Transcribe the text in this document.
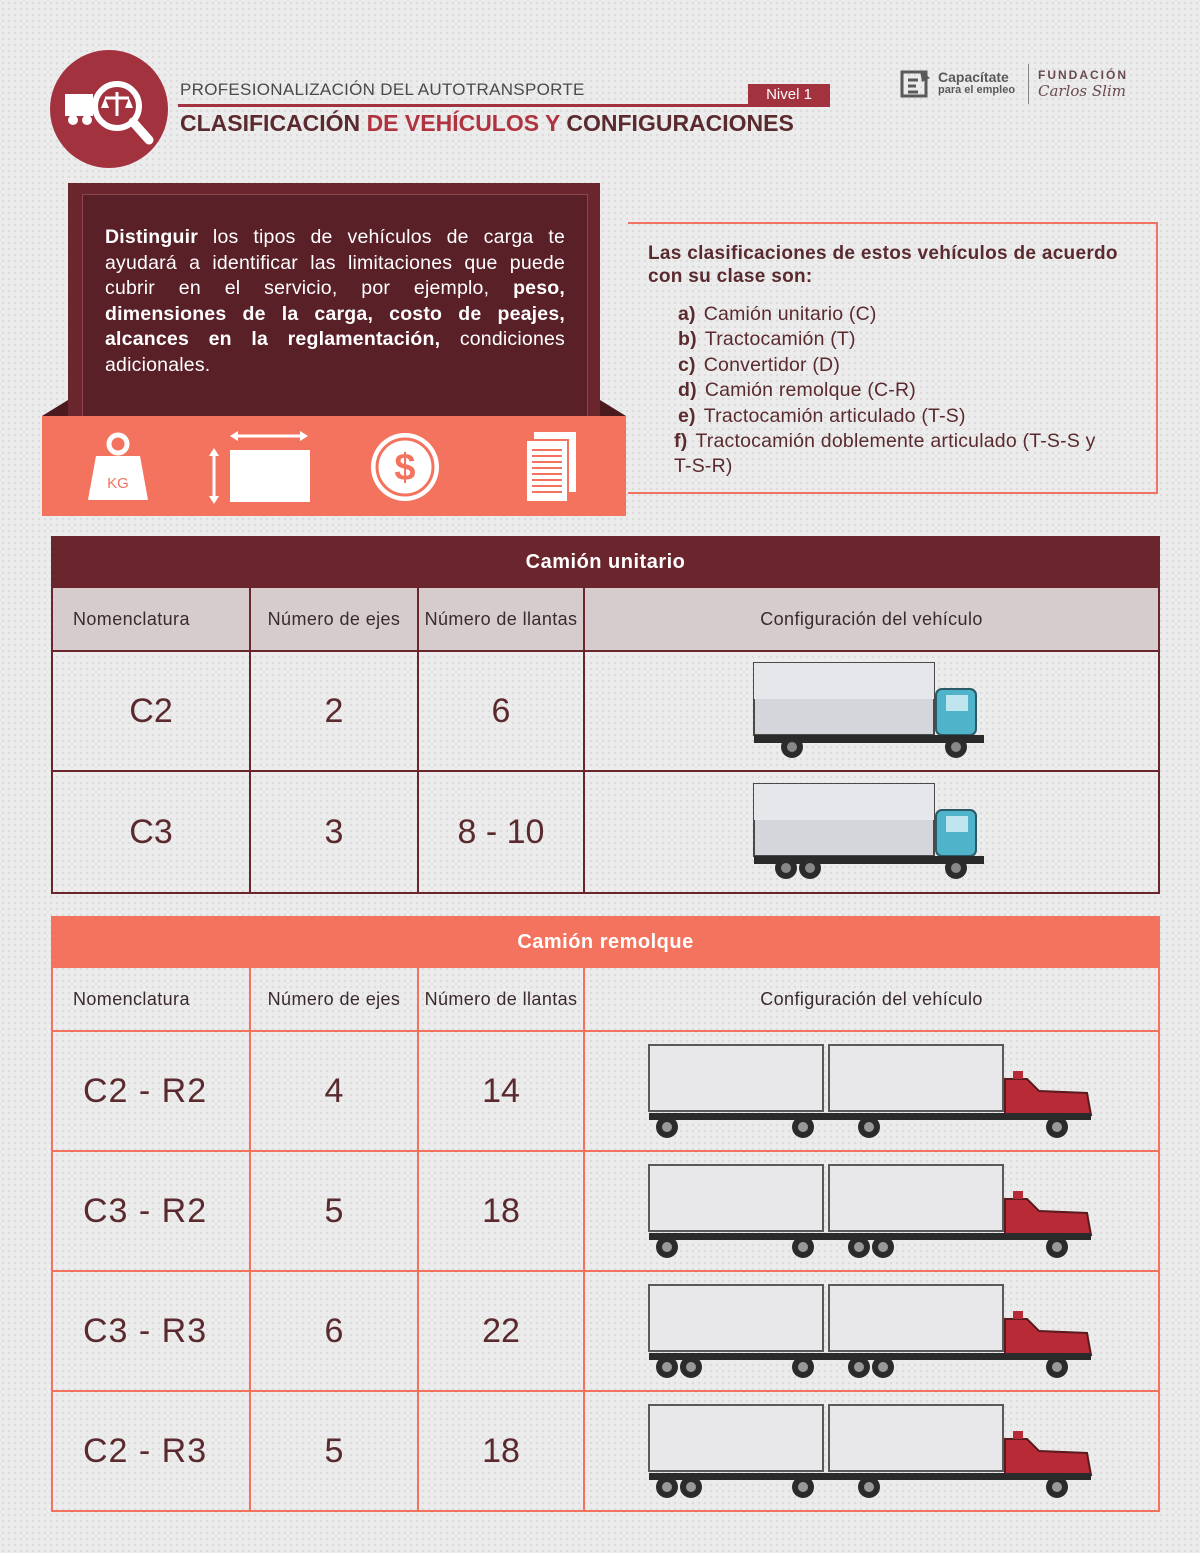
PROFESIONALIZACIÓN DEL AUTOTRANSPORTE	Nivel 1
CLASIFICACIÓN DE VEHÍCULOS Y CONFIGURACIONES
Capacítate
para el empleo
FUNDACIÓN
Carlos Slim
Distinguir los tipos de vehículos de carga te ayudará a identificar las limitaciones que puede cubrir en el servicio, por ejemplo, peso, dimensiones de la carga, costo de peajes, alcances en la reglamentación, condiciones adicionales.
KG	$
Las clasificaciones de estos vehículos de acuerdo con su clase son:
a) Camión unitario (C)
b) Tractocamión (T)
c) Convertidor (D)
d) Camión remolque (C-R)
e) Tractocamión articulado (T-S)
f) Tractocamión doblemente articulado (T-S-S y T-S-R)
Camión unitario			
Nomenclatura	Número de ejes	Número de llantas	Configuración del vehículo
C2	2	6	

C3	3	8 - 10	
Camión remolque			
Nomenclatura	Número de ejes	Número de llantas	Configuración del vehículo
C2 - R2	4	14	

C3 - R2	5	18	

C3 - R3	6	22	

C2 - R3	5	18	
